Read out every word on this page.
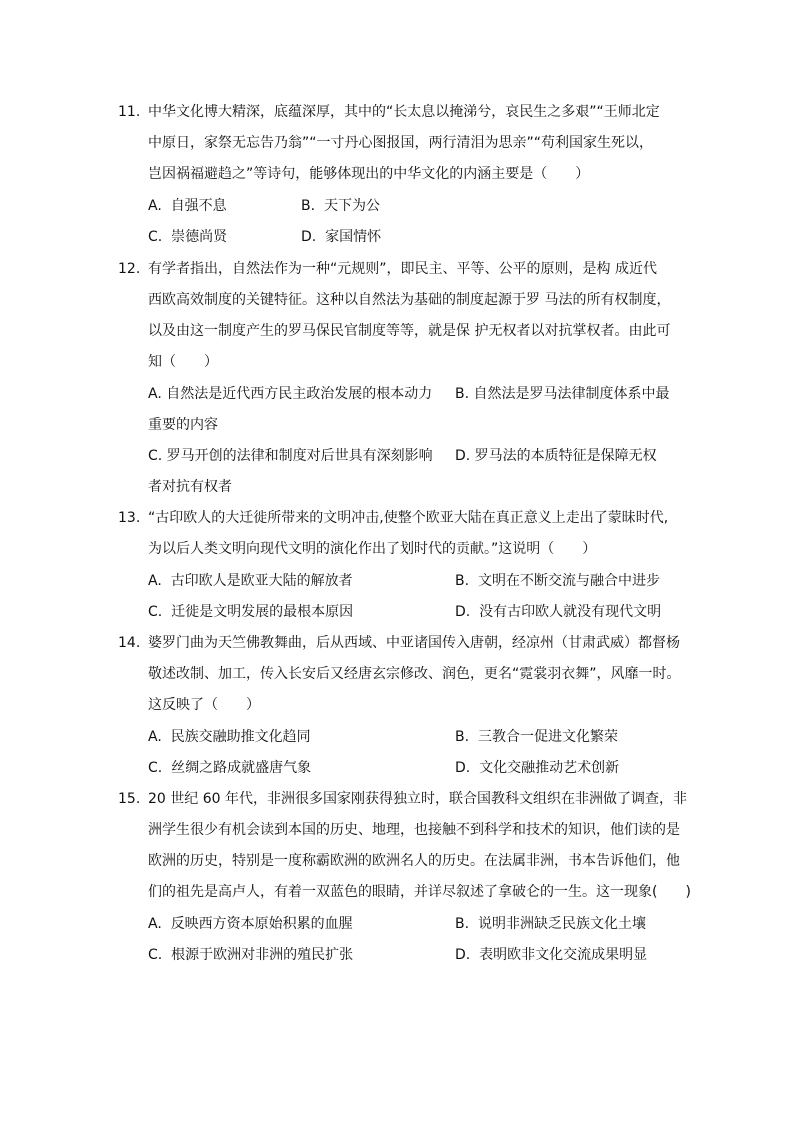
11. 中华文化博大精深，底蕴深厚，其中的“长太息以掩涕兮，哀民生之多艰”“王师北定
中原日，家祭无忘告乃翁”“一寸丹心图报国，两行清泪为思亲”“苟利国家生死以，
岂因祸福避趋之”等诗句，能够体现出的中华文化的内涵主要是（　　）
A. 自强不息	B. 天下为公
C. 崇德尚贤	D. 家国情怀
12. 有学者指出，自然法作为一种“元规则”，即民主、平等、公平的原则，是构 成近代
西欧高效制度的关键特征。这种以自然法为基础的制度起源于罗 马法的所有权制度，
以及由这一制度产生的罗马保民官制度等等，就是保 护无权者以对抗掌权者。由此可
知（　　）
A. 自然法是近代西方民主政治发展的根本动力 B. 自然法是罗马法律制度体系中最
重要的内容
C. 罗马开创的法律和制度对后世具有深刻影响 D. 罗马法的本质特征是保障无权
者对抗有权者
13. “古印欧人的大迁徙所带来的文明冲击,使整个欧亚大陆在真正意义上走出了蒙昧时代,
为以后人类文明向现代文明的演化作出了划时代的贡献。”这说明（　　）
A. 古印欧人是欧亚大陆的解放者	B. 文明在不断交流与融合中进步
C. 迁徙是文明发展的最根本原因	D. 没有古印欧人就没有现代文明
14. 婆罗门曲为天竺佛教舞曲，后从西域、中亚诸国传入唐朝，经凉州（甘肃武威）都督杨
敬述改制、加工，传入长安后又经唐玄宗修改、润色，更名“霓裳羽衣舞”，风靡一时。
这反映了（　　）
A. 民族交融助推文化趋同	B. 三教合一促进文化繁荣
C. 丝绸之路成就盛唐气象	D. 文化交融推动艺术创新
15. 20 世纪 60 年代，非洲很多国家刚获得独立时，联合国教科文组织在非洲做了调查，非
洲学生很少有机会读到本国的历史、地理，也接触不到科学和技术的知识，他们读的是
欧洲的历史，特别是一度称霸欧洲的欧洲名人的历史。在法属非洲，书本告诉他们，他
们的祖先是高卢人，有着一双蓝色的眼睛，并详尽叙述了拿破仑的一生。这一现象(　　)
A. 反映西方资本原始积累的血腥	B. 说明非洲缺乏民族文化土壤
C. 根源于欧洲对非洲的殖民扩张	D. 表明欧非文化交流成果明显
